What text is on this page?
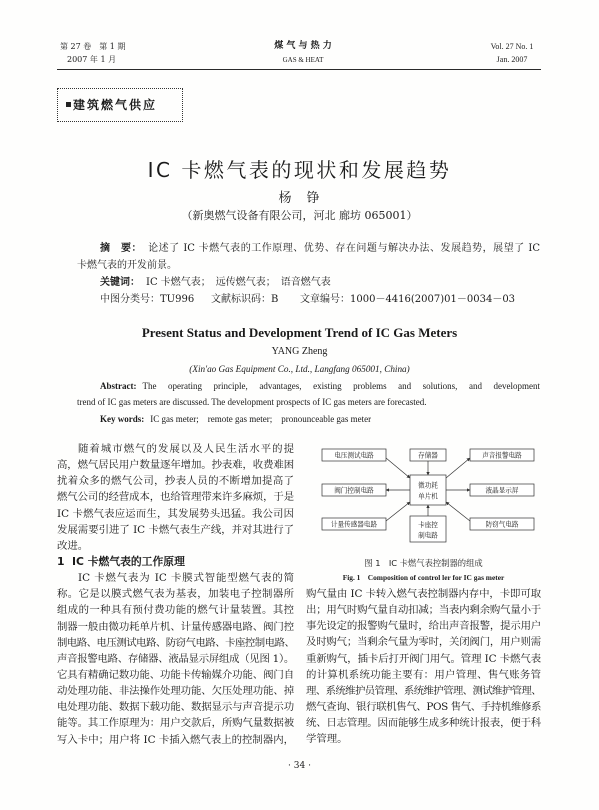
第 27 卷　第 1 期
2007 年 1 月
煤 气 与 热 力
GAS & HEAT
Vol. 27 No. 1
Jan. 2007
建筑燃气供应
IC 卡燃气表的现状和发展趋势
杨　铮
（新奥燃气设备有限公司，河北 廊坊 065001）
摘　要： 论述了 IC 卡燃气表的工作原理、优势、存在问题与解决办法、发展趋势，展望了 IC
卡燃气表的开发前景。
关键词： IC 卡燃气表；　远传燃气表；　语音燃气表
中图分类号：TU996 文献标识码：B 文章编号：1000－4416(2007)01－0034－03
Present Status and Development Trend of IC Gas Meters
YANG Zheng
(Xin'ao Gas Equipment Co., Ltd., Langfang 065001, China)
Abstract: The operating principle, advantages, existing problems and solutions, and development
trend of IC gas meters are discussed. The development prospects of IC gas meters are forecasted.
Key words: IC gas meter;　remote gas meter;　pronounceable gas meter
随着城市燃气的发展以及人民生活水平的提
高，燃气居民用户数量逐年增加。抄表难，收费难困
扰着众多的燃气公司，抄表人员的不断增加提高了
燃气公司的经营成本，也给管理带来许多麻烦，于是
IC 卡燃气表应运而生，其发展势头迅猛。我公司因
发展需要引进了 IC 卡燃气表生产线，并对其进行了
改进。
1 IC 卡燃气表的工作原理
IC 卡燃气表为 IC 卡膜式智能型燃气表的简
称。它是以膜式燃气表为基表，加装电子控制器所
组成的一种具有预付费功能的燃气计量装置。其控
制器一般由微功耗单片机、计量传感器电路、阀门控
制电路、电压测试电路、防窃气电路、卡座控制电路、
声音报警电路、存储器、液晶显示屏组成（见图 1）。
它具有精确记数功能、功能卡传输媒介功能、阀门自
动处理功能、非法操作处理功能、欠压处理功能、掉
电处理功能、数据下载功能、数据显示与声音提示功
能等。其工作原理为：用户交款后，所购气量数据被
写入卡中；用户将 IC 卡插入燃气表上的控制器内，
电压测试电路	存储器	声音报警电路
阀门控制电路
微功耗
单片机
液晶显示屏
计量传感器电路	卡座控
制电路
防窃气电路
图 1　IC 卡燃气表控制器的组成
Fig. 1　Composition of control ler for IC gas meter
购气量由 IC 卡转入燃气表控制器内存中，卡即可取
出；用气时购气量自动扣减；当表内剩余购气量小于
事先设定的报警购气量时，给出声音报警，提示用户
及时购气；当剩余气量为零时，关闭阀门，用户则需
重新购气，插卡后打开阀门用气。管理 IC 卡燃气表
的计算机系统功能主要有：用户管理、售气账务管
理、系统维护员管理、系统维护管理、测试维护管理、
燃气查询、银行联机售气、POS 售气、手持机维修系
统、日志管理。因而能够生成多种统计报表，便于科
学管理。
· 34 ·
